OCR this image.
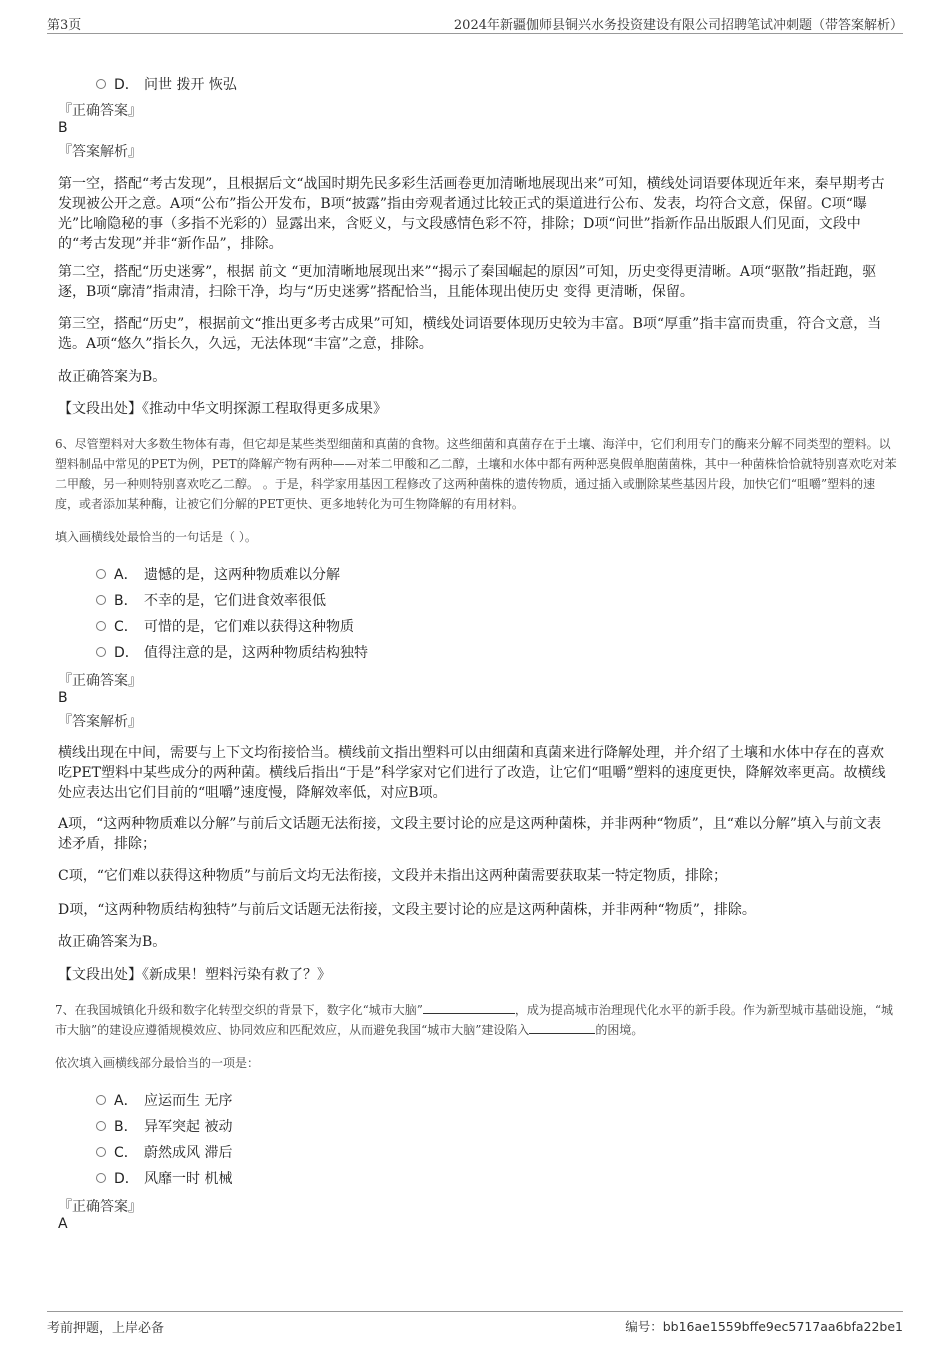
第3页	2024年新疆伽师县铜兴水务投资建设有限公司招聘笔试冲刺题（带答案解析）
D． 问世 拨开 恢弘
『正确答案』
B
『答案解析』
第一空，搭配“考古发现”，且根据后文“战国时期先民多彩生活画卷更加清晰地展现出来”可知，横线处词语要体现近年来，秦早期考古发现被公开之意。A项“公布”指公开发布，B项“披露”指由旁观者通过比较正式的渠道进行公布、发表，均符合文意，保留。C项“曝光”比喻隐秘的事（多指不光彩的）显露出来，含贬义，与文段感情色彩不符，排除；D项“问世”指新作品出版跟人们见面，文段中的“考古发现”并非“新作品”，排除。
第二空，搭配“历史迷雾”，根据 前文 “更加清晰地展现出来”“揭示了秦国崛起的原因”可知，历史变得更清晰。A项“驱散”指赶跑，驱逐，B项“廓清”指肃清，扫除干净，均与“历史迷雾”搭配恰当，且能体现出使历史 变得 更清晰，保留。
第三空，搭配“历史”，根据前文“推出更多考古成果”可知，横线处词语要体现历史较为丰富。B项“厚重”指丰富而贵重，符合文意，当选。A项“悠久”指长久，久远，无法体现“丰富”之意，排除。
故正确答案为B。
【文段出处】《推动中华文明探源工程取得更多成果》
6、尽管塑料对大多数生物体有毒，但它却是某些类型细菌和真菌的食物。这些细菌和真菌存在于土壤、海洋中，它们利用专门的酶来分解不同类型的塑料。以塑料制品中常见的PET为例，PET的降解产物有两种——对苯二甲酸和乙二醇，土壤和水体中都有两种恶臭假单胞菌菌株，其中一种菌株恰恰就特别喜欢吃对苯二甲酸，另一种则特别喜欢吃乙二醇。 。于是，科学家用基因工程修改了这两种菌株的遗传物质，通过插入或删除某些基因片段，加快它们“咀嚼”塑料的速度，或者添加某种酶，让被它们分解的PET更快、更多地转化为可生物降解的有用材料。
填入画横线处最恰当的一句话是（ ）。
A． 遗憾的是，这两种物质难以分解
B． 不幸的是，它们进食效率很低
C． 可惜的是，它们难以获得这种物质
D． 值得注意的是，这两种物质结构独特
『正确答案』
B
『答案解析』
横线出现在中间，需要与上下文均衔接恰当。横线前文指出塑料可以由细菌和真菌来进行降解处理，并介绍了土壤和水体中存在的喜欢吃PET塑料中某些成分的两种菌。横线后指出“于是”科学家对它们进行了改造，让它们“咀嚼”塑料的速度更快，降解效率更高。故横线处应表达出它们目前的“咀嚼”速度慢，降解效率低，对应B项。
A项，“这两种物质难以分解”与前后文话题无法衔接，文段主要讨论的应是这两种菌株，并非两种“物质”，且“难以分解”填入与前文表述矛盾，排除；
C项，“它们难以获得这种物质”与前后文均无法衔接，文段并未指出这两种菌需要获取某一特定物质，排除；
D项，“这两种物质结构独特”与前后文话题无法衔接，文段主要讨论的应是这两种菌株，并非两种“物质”，排除。
故正确答案为B。
【文段出处】《新成果！塑料污染有救了？》
7、在我国城镇化升级和数字化转型交织的背景下，数字化“城市大脑”	，成为提高城市治理现代化水平的新手段。作为新型城市基础设施，“城市大脑”的建设应遵循规模效应、协同效应和匹配效应，从而避免我国“城市大脑”建设陷入	的困境。
依次填入画横线部分最恰当的一项是：
A． 应运而生 无序
B． 异军突起 被动
C． 蔚然成风 滞后
D． 风靡一时 机械
『正确答案』
A
考前押题，上岸必备	编号：bb16ae1559bffe9ec5717aa6bfa22be1
